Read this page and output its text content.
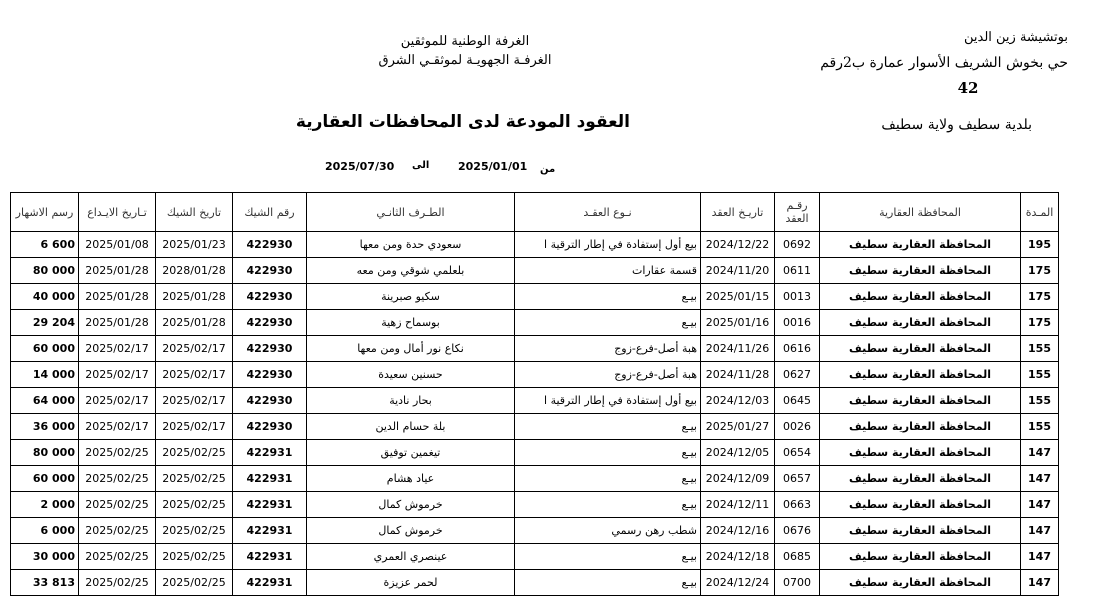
بوتشيشة زين الدين
حي بخوش الشريف الأسوار عمارة ب2رقم
42
بلدية سطيف ولاية سطيف
الغرفة الوطنية للموثقين
الغرفـة الجهويـة لموثقـي الشرق
العقود المودعة لدى المحافظات العقارية
من
2025/01/01
الى
2025/07/30
رسم الاشهار	تـاريخ الايـداع	تاريخ الشيك	رقم الشيك	الطـرف الثانـي	نـوع العقـد	تاريـخ العقد	رقـم العقد	المحافظة العقارية	المـدة
6 600	2025/01/08	2025/01/23	422930	سعودي حدة ومن معها	بيع أول إستفادة في إطار الترقية ا	2024/12/22	0692	المحافظة العقارية سطيف	195
80 000	2025/01/28	2028/01/28	422930	بلعلمي شوقي ومن معه	قسمة عقارات	2024/11/20	0611	المحافظة العقارية سطيف	175
40 000	2025/01/28	2025/01/28	422930	سكيو صبرينة	بيـع	2025/01/15	0013	المحافظة العقارية سطيف	175
29 204	2025/01/28	2025/01/28	422930	بوسماح زهية	بيـع	2025/01/16	0016	المحافظة العقارية سطيف	175
60 000	2025/02/17	2025/02/17	422930	نكاع نور أمال ومن معها	هبة أصل-فرع-زوج	2024/11/26	0616	المحافظة العقارية سطيف	155
14 000	2025/02/17	2025/02/17	422930	حسنين سعيدة	هبة أصل-فرع-زوج	2024/11/28	0627	المحافظة العقارية سطيف	155
64 000	2025/02/17	2025/02/17	422930	بحار نادية	بيع أول إستفادة في إطار الترقية ا	2024/12/03	0645	المحافظة العقارية سطيف	155
36 000	2025/02/17	2025/02/17	422930	بلة حسام الدين	بيـع	2025/01/27	0026	المحافظة العقارية سطيف	155
80 000	2025/02/25	2025/02/25	422931	تيغمين توفيق	بيـع	2024/12/05	0654	المحافظة العقارية سطيف	147
60 000	2025/02/25	2025/02/25	422931	عياد هشام	بيـع	2024/12/09	0657	المحافظة العقارية سطيف	147
2 000	2025/02/25	2025/02/25	422931	خرموش كمال	بيـع	2024/12/11	0663	المحافظة العقارية سطيف	147
6 000	2025/02/25	2025/02/25	422931	خرموش كمال	شطب رهن رسمي	2024/12/16	0676	المحافظة العقارية سطيف	147
30 000	2025/02/25	2025/02/25	422931	عينصري العمري	بيـع	2024/12/18	0685	المحافظة العقارية سطيف	147
33 813	2025/02/25	2025/02/25	422931	لحمر عزيزة	بيـع	2024/12/24	0700	المحافظة العقارية سطيف	147
